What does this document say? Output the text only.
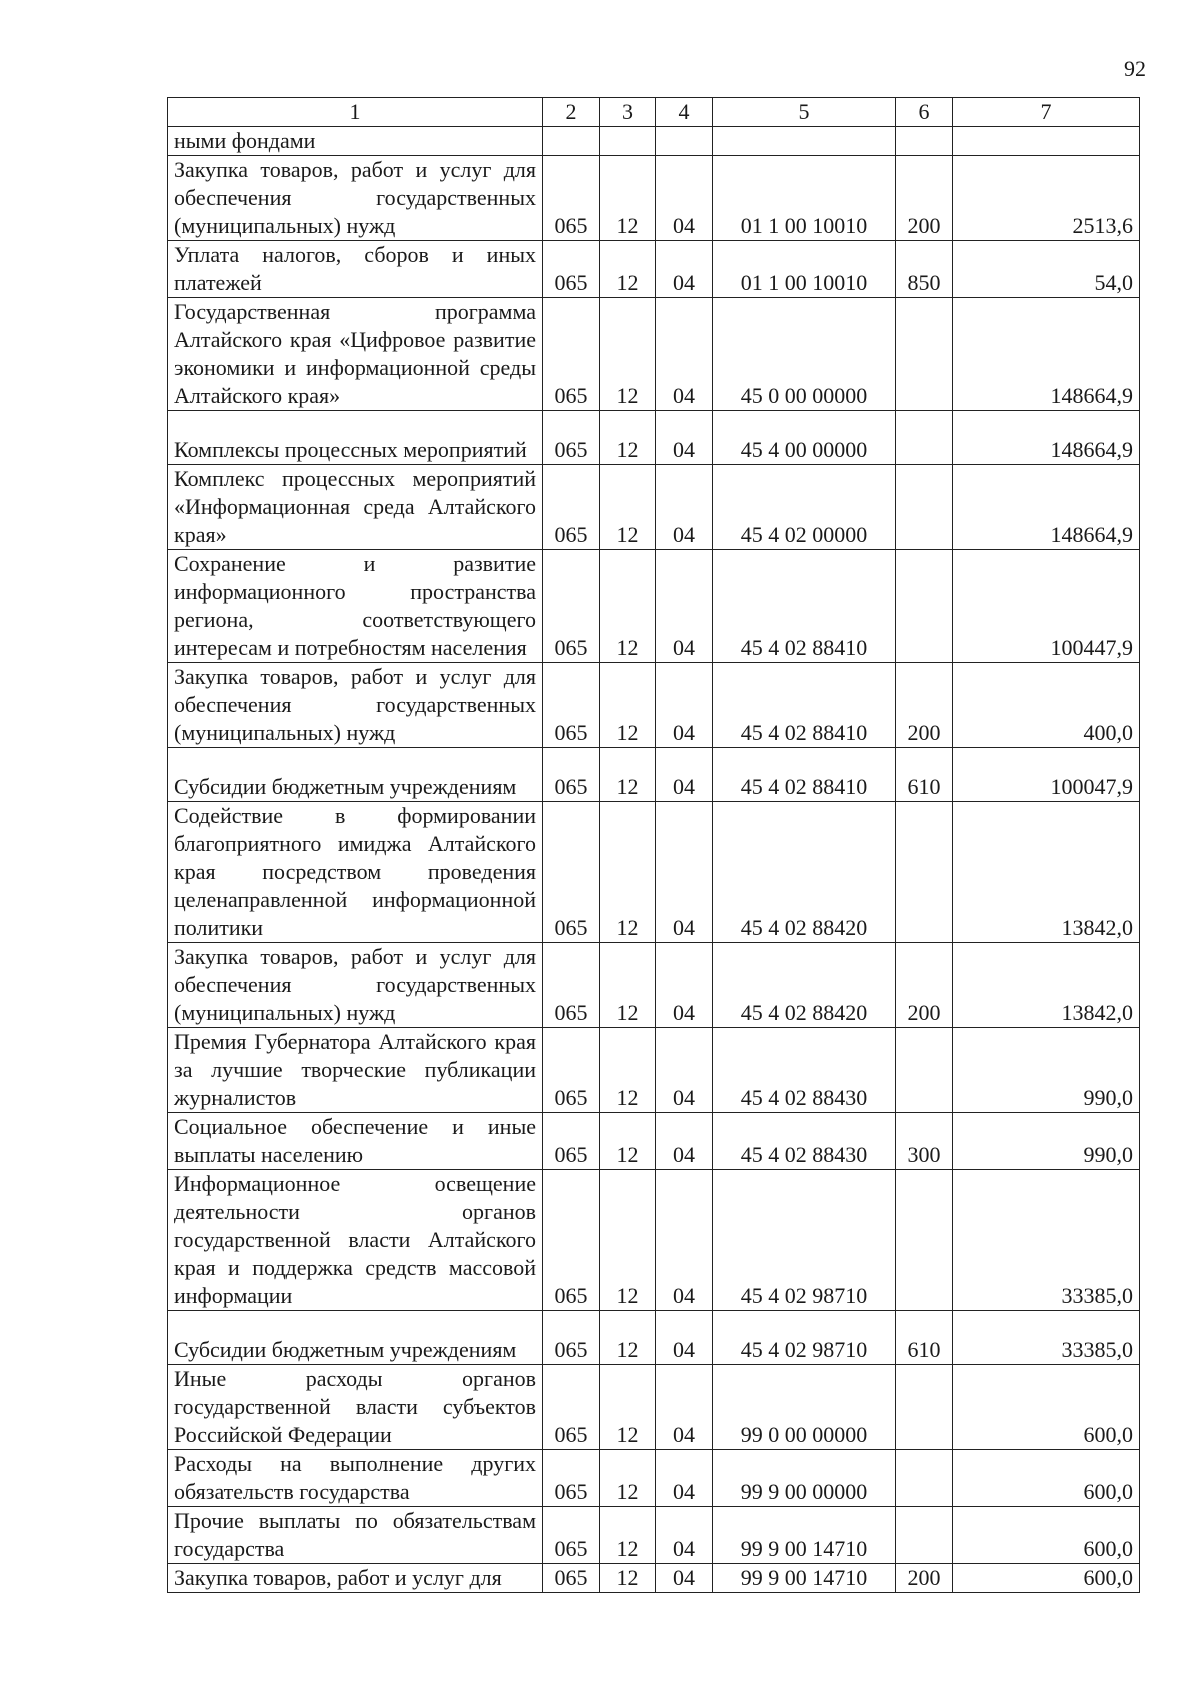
92
1	2	3	4	5	6	7
ными фондами						
Закупка товаров, работ и услуг для обеспечения государственных (муниципальных) нужд	065	12	04	01 1 00 10010	200	2513,6
Уплата налогов, сборов и иных платежей	065	12	04	01 1 00 10010	850	54,0
Государственная программа Алтайского края «Цифровое развитие экономики и информационной среды Алтайского края»	065	12	04	45 0 00 00000		148664,9
Комплексы процессных мероприятий	065	12	04	45 4 00 00000		148664,9
Комплекс процессных мероприятий «Информационная среда Алтайского края»	065	12	04	45 4 02 00000		148664,9
Сохранение и развитие информационного пространства региона, соответствующего интересам и потребностям населения	065	12	04	45 4 02 88410		100447,9
Закупка товаров, работ и услуг для обеспечения государственных (муниципальных) нужд	065	12	04	45 4 02 88410	200	400,0
Субсидии бюджетным учреждениям	065	12	04	45 4 02 88410	610	100047,9
Содействие в формировании благоприятного имиджа Алтайского края посредством проведения целенаправленной информационной политики	065	12	04	45 4 02 88420		13842,0
Закупка товаров, работ и услуг для обеспечения государственных (муниципальных) нужд	065	12	04	45 4 02 88420	200	13842,0
Премия Губернатора Алтайского края за лучшие творческие публикации журналистов	065	12	04	45 4 02 88430		990,0
Социальное обеспечение и иные выплаты населению	065	12	04	45 4 02 88430	300	990,0
Информационное освещение деятельности органов государственной власти Алтайского края и поддержка средств массовой информации	065	12	04	45 4 02 98710		33385,0
Субсидии бюджетным учреждениям	065	12	04	45 4 02 98710	610	33385,0
Иные расходы органов государственной власти субъектов Российской Федерации	065	12	04	99 0 00 00000		600,0
Расходы на выполнение других обязательств государства	065	12	04	99 9 00 00000		600,0
Прочие выплаты по обязательствам государства	065	12	04	99 9 00 14710		600,0
Закупка товаров, работ и услуг для	065	12	04	99 9 00 14710	200	600,0
